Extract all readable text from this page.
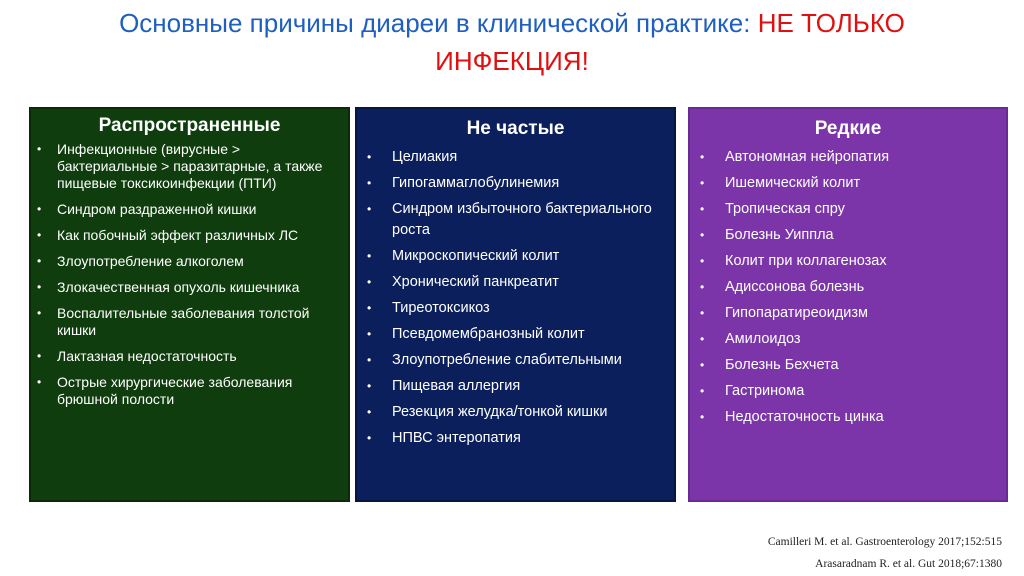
Основные причины диареи в клинической практике: НЕ ТОЛЬКО
ИНФЕКЦИЯ!
Распространенные
• Инфекционные (вирусные > бактериальные > паразитарные, а также пищевые токсикоинфекции (ПТИ)
• Синдром раздраженной кишки
• Как побочный эффект различных ЛС
• Злоупотребление алкоголем
• Злокачественная опухоль кишечника
• Воспалительные заболевания толстой кишки
• Лактазная недостаточность
• Острые хирургические заболевания брюшной полости
Не частые
• Целиакия
• Гипогаммаглобулинемия
• Синдром избыточного бактериального роста
• Микроскопический колит
• Хронический панкреатит
• Тиреотоксикоз
• Псевдомембранозный колит
• Злоупотребление слабительными
• Пищевая аллергия
• Резекция желудка/тонкой кишки
• НПВС энтеропатия
Редкие
• Автономная нейропатия
• Ишемический колит
• Тропическая спру
• Болезнь Уиппла
• Колит при коллагенозах
• Адиссонова болезнь
• Гипопаратиреоидизм
• Амилоидоз
• Болезнь Бехчета
• Гастринома
• Недостаточность цинка
Camilleri M. et al. Gastroenterology 2017;152:515
Arasaradnam R. et al. Gut 2018;67:1380
